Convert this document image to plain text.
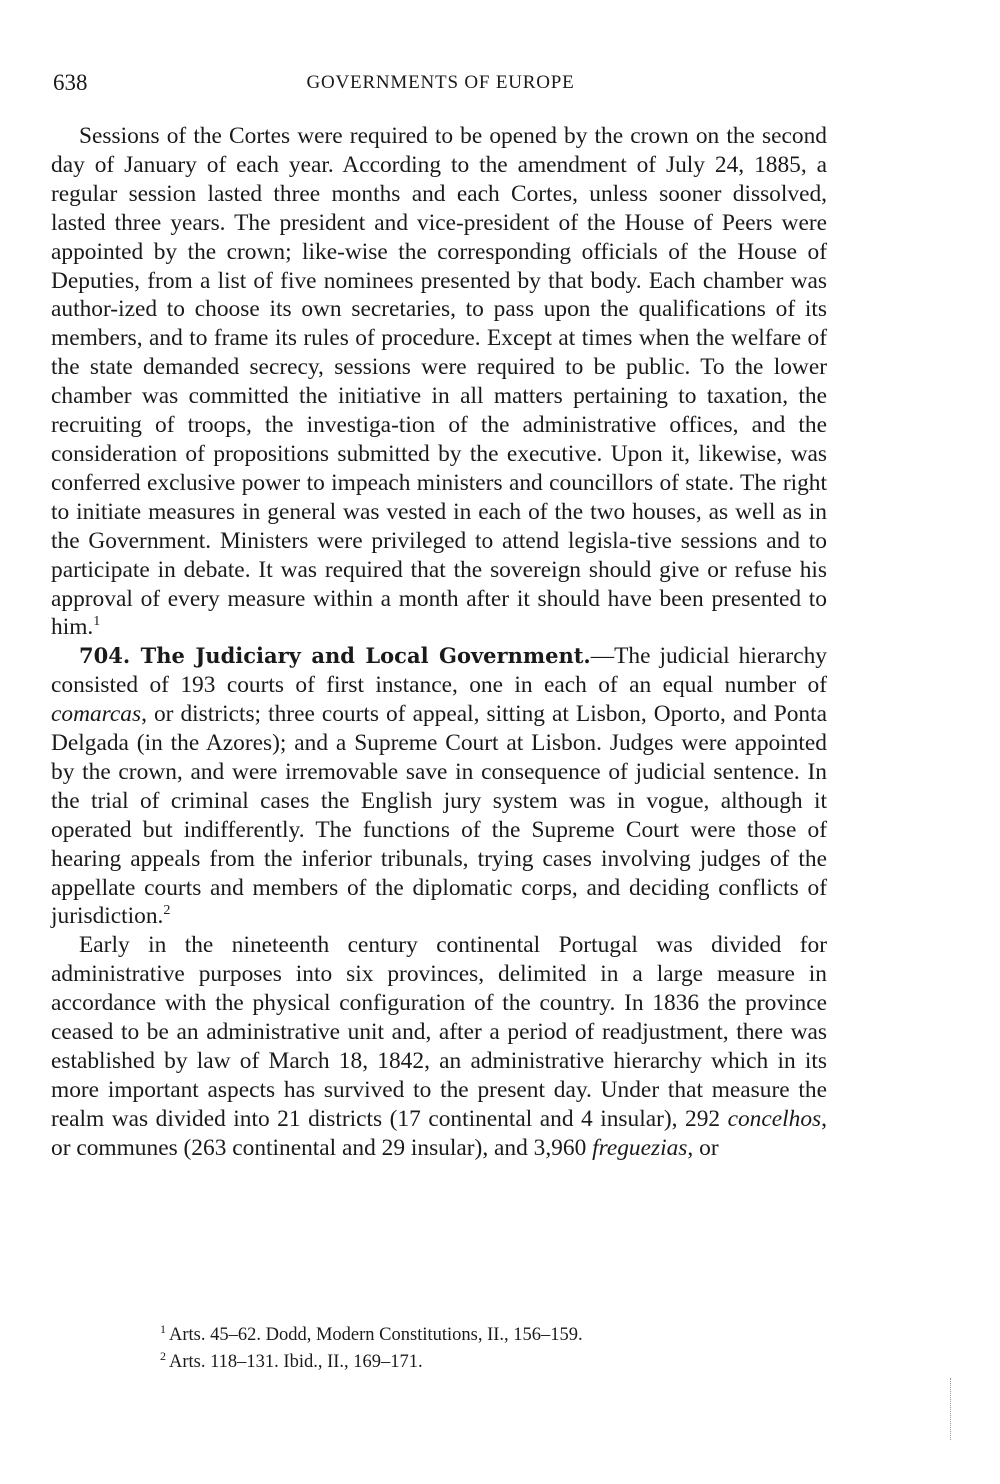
638	GOVERNMENTS OF EUROPE

Sessions of the Cortes were required to be opened by the crown on the second day of January of each year. According to the amendment of July 24, 1885, a regular session lasted three months and each Cortes, unless sooner dissolved, lasted three years. The president and vice-president of the House of Peers were appointed by the crown; like-wise the corresponding officials of the House of Deputies, from a list of five nominees presented by that body. Each chamber was author-ized to choose its own secretaries, to pass upon the qualifications of its members, and to frame its rules of procedure. Except at times when the welfare of the state demanded secrecy, sessions were required to be public. To the lower chamber was committed the initiative in all matters pertaining to taxation, the recruiting of troops, the investiga-tion of the administrative offices, and the consideration of propositions submitted by the executive. Upon it, likewise, was conferred exclusive power to impeach ministers and councillors of state. The right to initiate measures in general was vested in each of the two houses, as well as in the Government. Ministers were privileged to attend legisla-tive sessions and to participate in debate. It was required that the sovereign should give or refuse his approval of every measure within a month after it should have been presented to him.$^1$

704. The Judiciary and Local Government.—The judicial hierarchy consisted of 193 courts of first instance, one in each of an equal number of comarcas, or districts; three courts of appeal, sitting at Lisbon, Oporto, and Ponta Delgada (in the Azores); and a Supreme Court at Lisbon. Judges were appointed by the crown, and were irremovable save in consequence of judicial sentence. In the trial of criminal cases the English jury system was in vogue, although it operated but indifferently. The functions of the Supreme Court were those of hearing appeals from the inferior tribunals, trying cases involving judges of the appellate courts and members of the diplomatic corps, and deciding conflicts of jurisdiction.$^2$

Early in the nineteenth century continental Portugal was divided for administrative purposes into six provinces, delimited in a large measure in accordance with the physical configuration of the country. In 1836 the province ceased to be an administrative unit and, after a period of readjustment, there was established by law of March 18, 1842, an administrative hierarchy which in its more important aspects has survived to the present day. Under that measure the realm was divided into 21 districts (17 continental and 4 insular), 292 concelhos, or communes (263 continental and 29 insular), and 3,960 freguezias, or

$^1$ Arts. 45–62. Dodd, Modern Constitutions, II., 156–159.
$^2$ Arts. 118–131. Ibid., II., 169–171.
